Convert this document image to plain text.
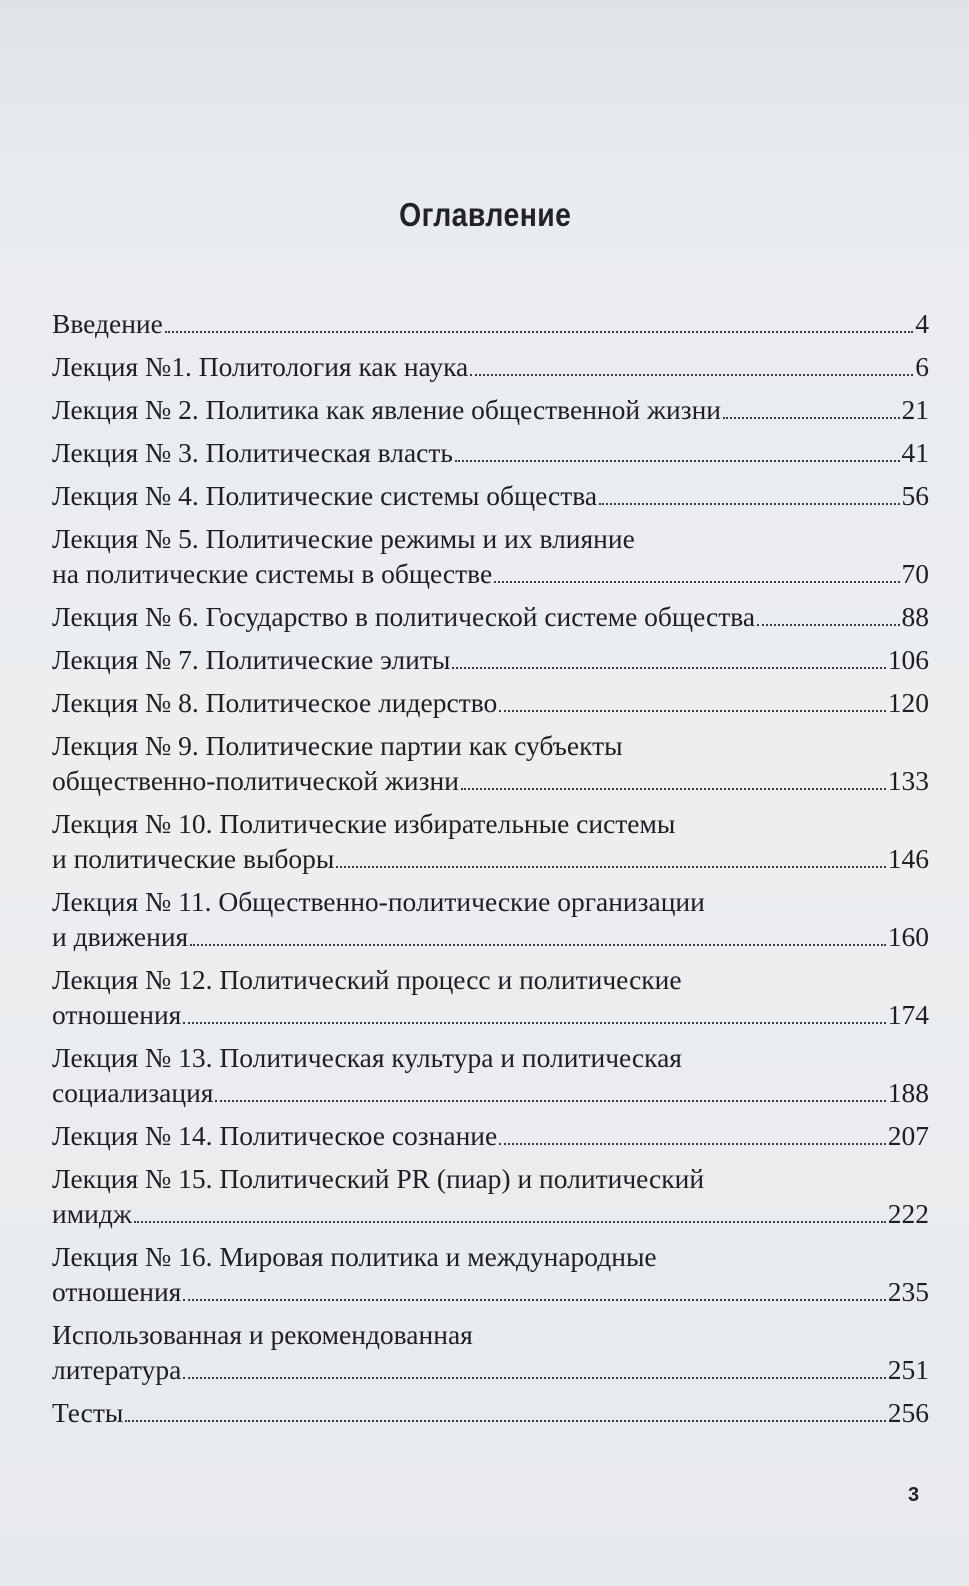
Оглавление
Введение	4
Лекция №1. Политология как наука	6
Лекция № 2. Политика как явление общественной жизни	21
Лекция № 3. Политическая власть	41
Лекция № 4. Политические системы общества	56
Лекция № 5. Политические режимы и их влияние
на политические системы в обществе	70
Лекция № 6. Государство в политической системе общества	88
Лекция № 7. Политические элиты	106
Лекция № 8. Политическое лидерство	120
Лекция № 9. Политические партии как субъекты
общественно-политической жизни	133
Лекция № 10. Политические избирательные системы
и политические выборы	146
Лекция № 11. Общественно-политические организации
и движения	160
Лекция № 12. Политический процесс и политические
отношения	174
Лекция № 13. Политическая культура и политическая
социализация	188
Лекция № 14. Политическое сознание	207
Лекция № 15. Политический PR (пиар) и политический
имидж	222
Лекция № 16. Мировая политика и международные
отношения	235
Использованная и рекомендованная
литература	251
Тесты	256
3
